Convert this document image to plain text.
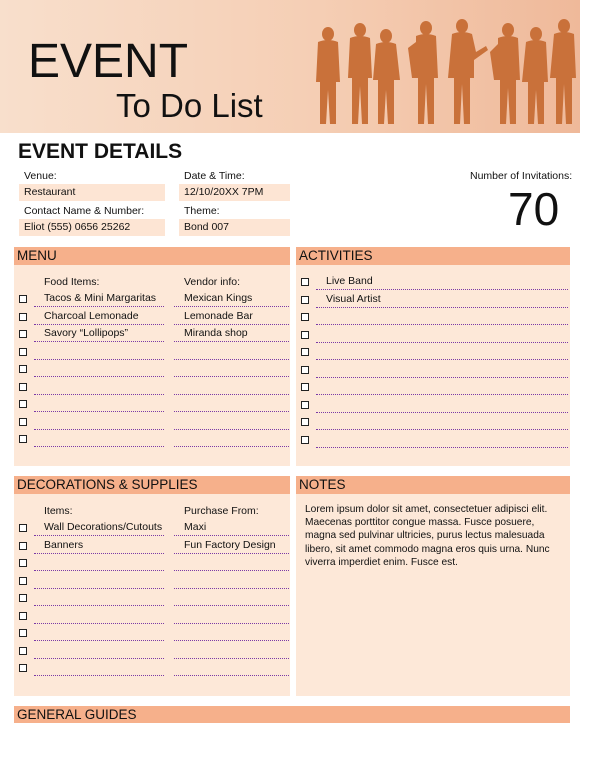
EVENT
To Do List
EVENT DETAILS
Venue:
Restaurant
Contact Name & Number:
Eliot (555) 0656 25262
Date & Time:
12/10/20XX 7PM
Theme:
Bond 007
Number of Invitations:
70
MENU
Food Items:	Vendor info:
Tacos & Mini Margaritas	Mexican Kings
Charcoal Lemonade	Lemonade Bar
Savory “Lollipops”	Miranda shop
ACTIVITIES
Live Band
Visual Artist
DECORATIONS & SUPPLIES
Items:	Purchase From:
Wall Decorations/Cutouts	Maxi
Banners	Fun Factory Design
NOTES
Lorem ipsum dolor sit amet, consectetuer adipisci elit. Maecenas porttitor congue massa. Fusce posuere, magna sed pulvinar ultricies, purus lectus malesuada libero, sit amet commodo magna eros quis urna. Nunc viverra imperdiet enim. Fusce est.
GENERAL GUIDES
